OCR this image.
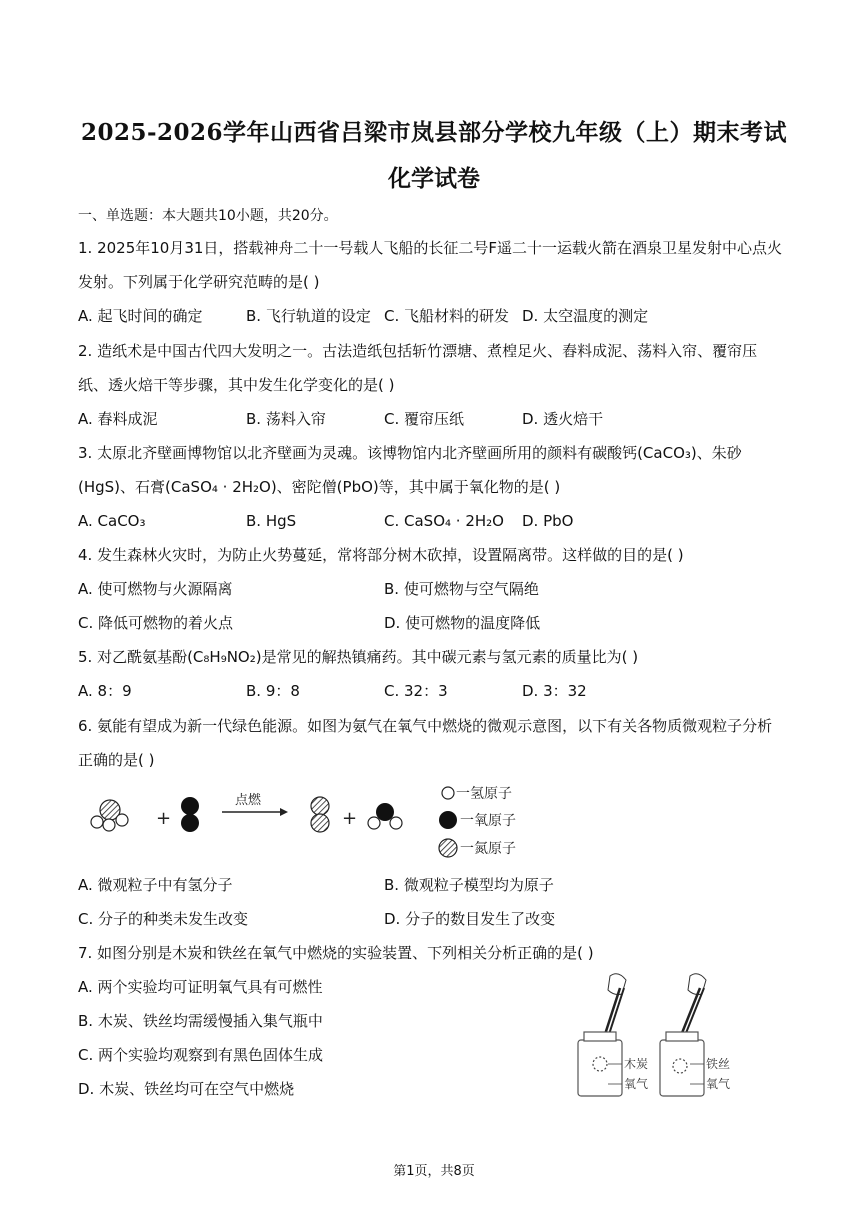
2025-2026学年山西省吕梁市岚县部分学校九年级（上）期末考试
化学试卷
一、单选题：本大题共10小题，共20分。
1. 2025年10月31日，搭载神舟二十一号载人飞船的长征二号F遥二十一运载火箭在酒泉卫星发射中心点火
发射。下列属于化学研究范畴的是( )
A. 起飞时间的确定	B. 飞行轨道的设定 C. 飞船材料的研发 D. 太空温度的测定
2. 造纸术是中国古代四大发明之一。古法造纸包括斩竹漂塘、煮楻足火、舂料成泥、荡料入帘、覆帘压
纸、透火焙干等步骤，其中发生化学变化的是( )
A. 舂料成泥	B. 荡料入帘	C. 覆帘压纸	D. 透火焙干
3. 太原北齐壁画博物馆以北齐壁画为灵魂。该博物馆内北齐壁画所用的颜料有碳酸钙(CaCO₃)、朱砂
(HgS)、石膏(CaSO₄ · 2H₂O)、密陀僧(PbO)等，其中属于氧化物的是( )
A. CaCO₃	B. HgS	C. CaSO₄ · 2H₂O D. PbO
4. 发生森林火灾时，为防止火势蔓延，常将部分树木砍掉，设置隔离带。这样做的目的是( )
A. 使可燃物与火源隔离	B. 使可燃物与空气隔绝
C. 降低可燃物的着火点	D. 使可燃物的温度降低
5. 对乙酰氨基酚(C₈H₉NO₂)是常见的解热镇痛药。其中碳元素与氢元素的质量比为( )
A. 8：9	B. 9：8	C. 32：3	D. 3：32
6. 氨能有望成为新一代绿色能源。如图为氨气在氧气中燃烧的微观示意图，以下有关各物质微观粒子分析
正确的是( )
+
点燃
+
一氢原子
一氧原子
一氮原子
A. 微观粒子中有氢分子	B. 微观粒子模型均为原子
C. 分子的种类未发生改变	D. 分子的数目发生了改变
7. 如图分别是木炭和铁丝在氧气中燃烧的实验装置、下列相关分析正确的是( )
A. 两个实验均可证明氧气具有可燃性
B. 木炭、铁丝均需缓慢插入集气瓶中
C. 两个实验均观察到有黑色固体生成
D. 木炭、铁丝均可在空气中燃烧
木炭
氧气
铁丝
氧气
第1页，共8页
